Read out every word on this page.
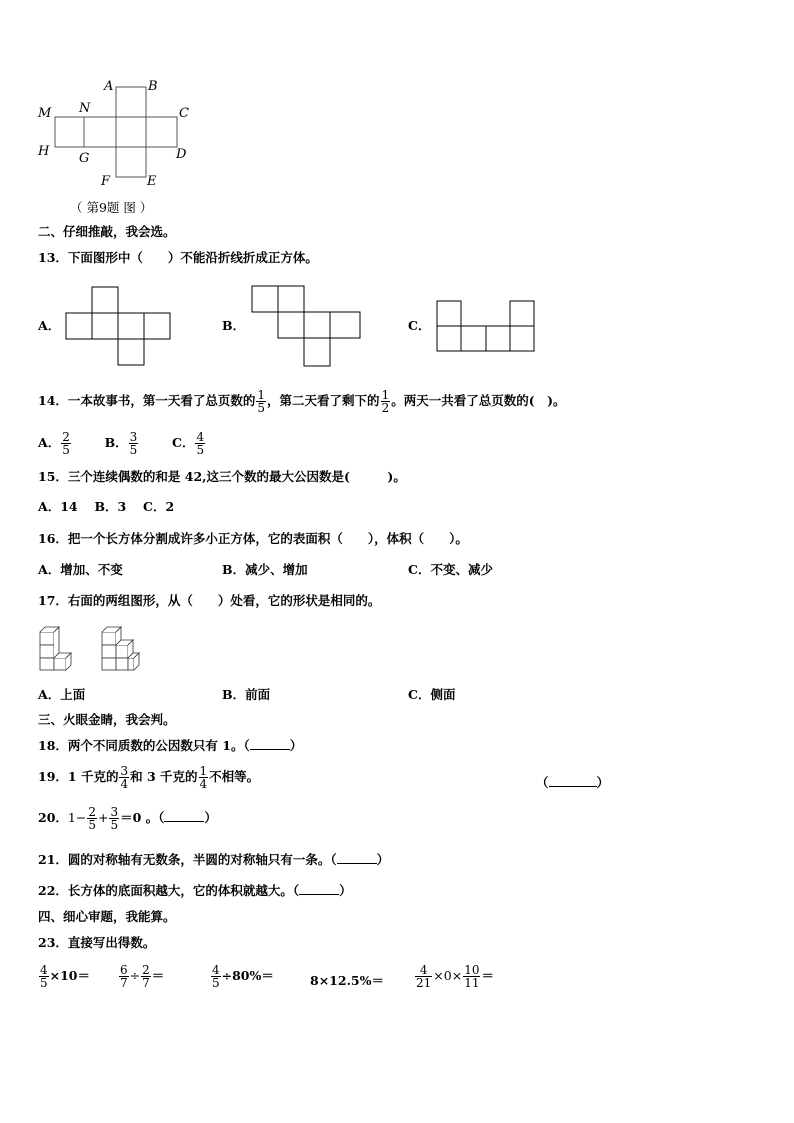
A	B
M N	C
H G	D
F	E
（ 第9题 图 ）
二、仔细推敲，我会选。
13．下面图形中（　　）不能沿折线折成正方体。
A．	B．	C．
14．一本故事书，第一天看了总页数的 $\frac{1}{5}$ ，第二天看了剩下的 $\frac{1}{2}$ 。两天一共看了总页数的(　)。
A． $\frac{2}{5}$	B． $\frac{3}{5}$	C． $\frac{4}{5}$
15．三个连续偶数的和是 42,这三个数的最大公因数是(　　　)。
A．14　 B．3　 C．2
16．把一个长方体分割成许多小正方体，它的表面积（　　），体积（　　）。
A．增加、不变	B．减少、增加	C．不变、减少
17．右面的两组图形，从（　　）处看，它的形状是相同的。
A．上面	B．前面	C．侧面
三、火眼金睛，我会判。
18．两个不同质数的公因数只有 1。（	）
19．1 千克的 $\frac{3}{4}$ 和 3 千克的 $\frac{1}{4}$ 不相等。	（	）
20．$1- \frac{2}{5} + \frac{3}{5} =0$ 。（	）
21．圆的对称轴有无数条，半圆的对称轴只有一条。（	）
22．长方体的底面积越大，它的体积就越大。（	）
四、细心审题，我能算。
23．直接写出得数。
$\frac{4}{5} \times 10= \frac{6}{7} \div \frac{2}{7}$ ＝	$\frac{4}{5} \div 80\%=$	8×12.5%＝	$\frac{4}{21} \times 0\times \frac{10}{11}$ ＝
